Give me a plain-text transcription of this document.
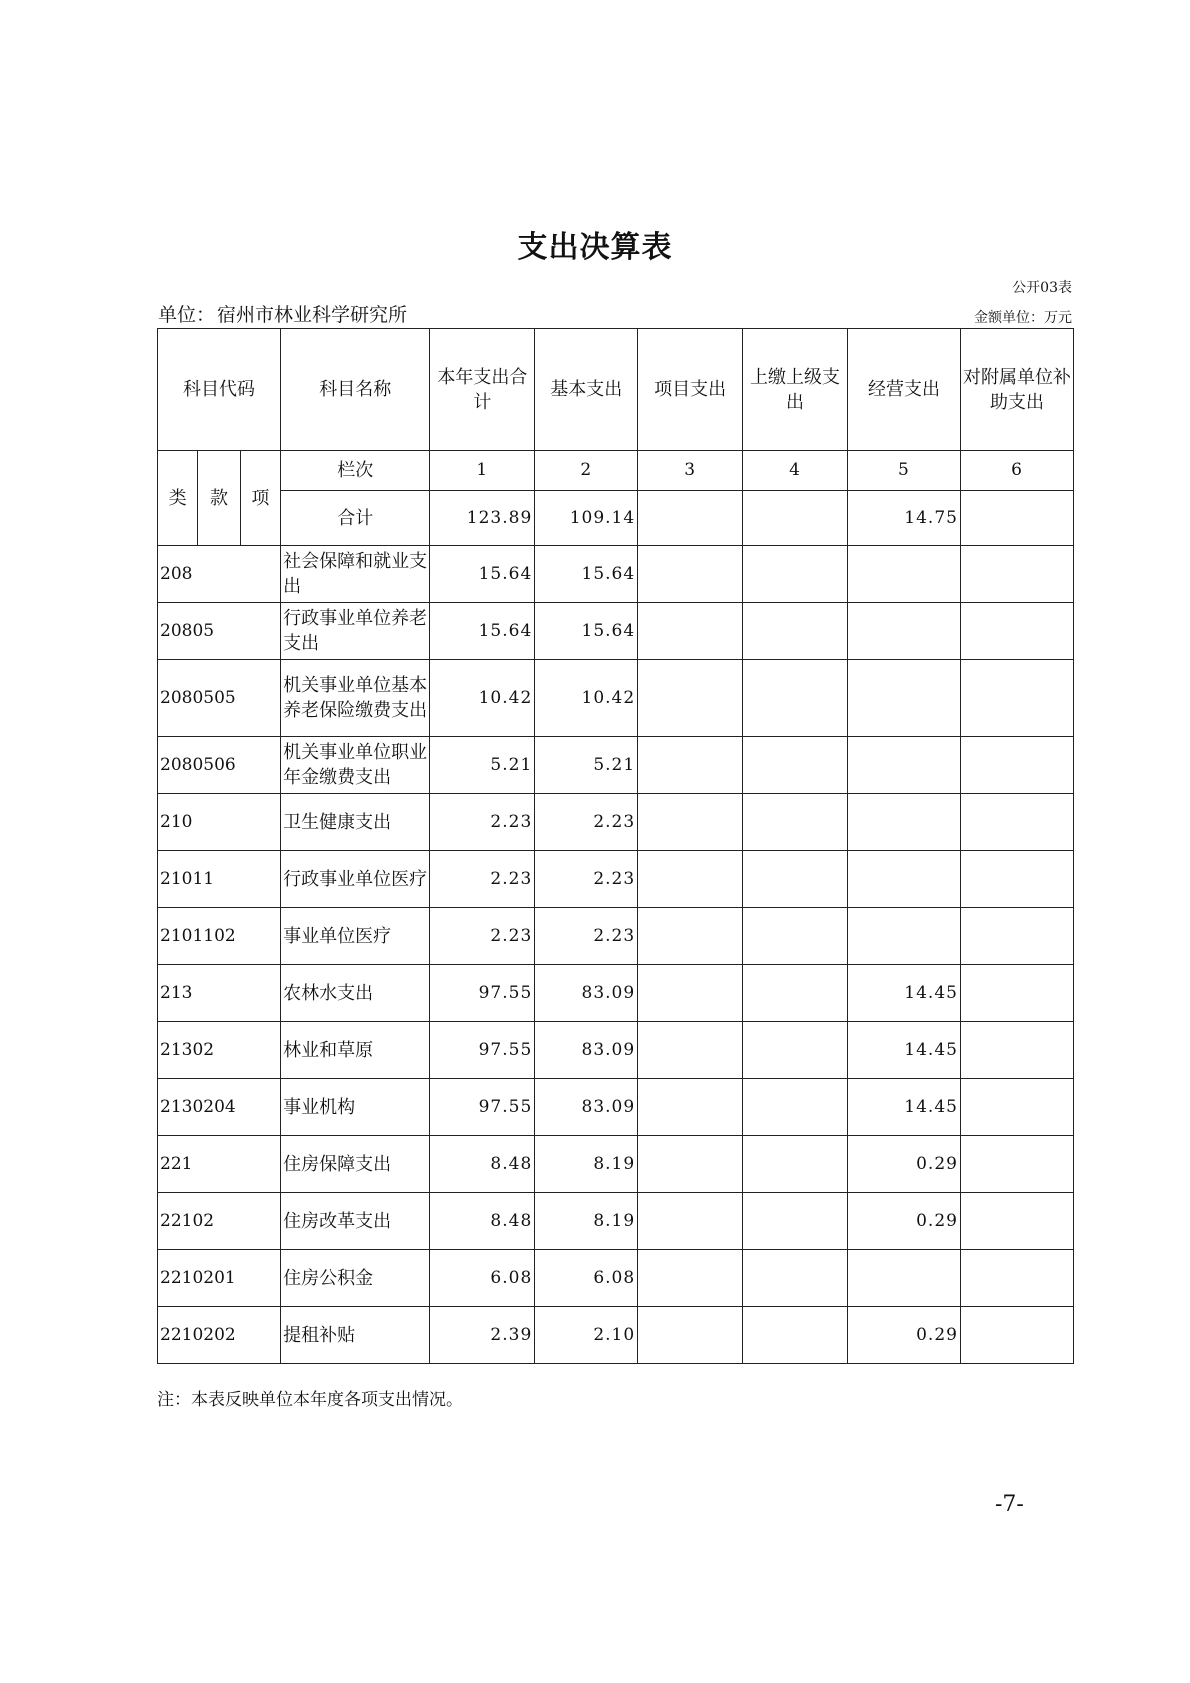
支出决算表
公开03表
单位： 宿州市林业科学研究所	金额单位：万元
科目代码			科目名称	本年支出合计	基本支出	项目支出	上缴上级支出	经营支出	对附属单位补助支出
类	款	项	栏次	1	2	3	4	5	6
			合计	123.89	109.14			14.75	
208			社会保障和就业支出	15.64	15.64				
20805			行政事业单位养老支出	15.64	15.64				
2080505			机关事业单位基本养老保险缴费支出	10.42	10.42				
2080506			机关事业单位职业年金缴费支出	5.21	5.21				
210			卫生健康支出	2.23	2.23				
21011			行政事业单位医疗	2.23	2.23				
2101102			事业单位医疗	2.23	2.23				
213			农林水支出	97.55	83.09			14.45	
21302			林业和草原	97.55	83.09			14.45	
2130204			事业机构	97.55	83.09			14.45	
221			住房保障支出	8.48	8.19			0.29	
22102			住房改革支出	8.48	8.19			0.29	
2210201			住房公积金	6.08	6.08				
2210202			提租补贴	2.39	2.10			0.29	
注：本表反映单位本年度各项支出情况。
-7-
